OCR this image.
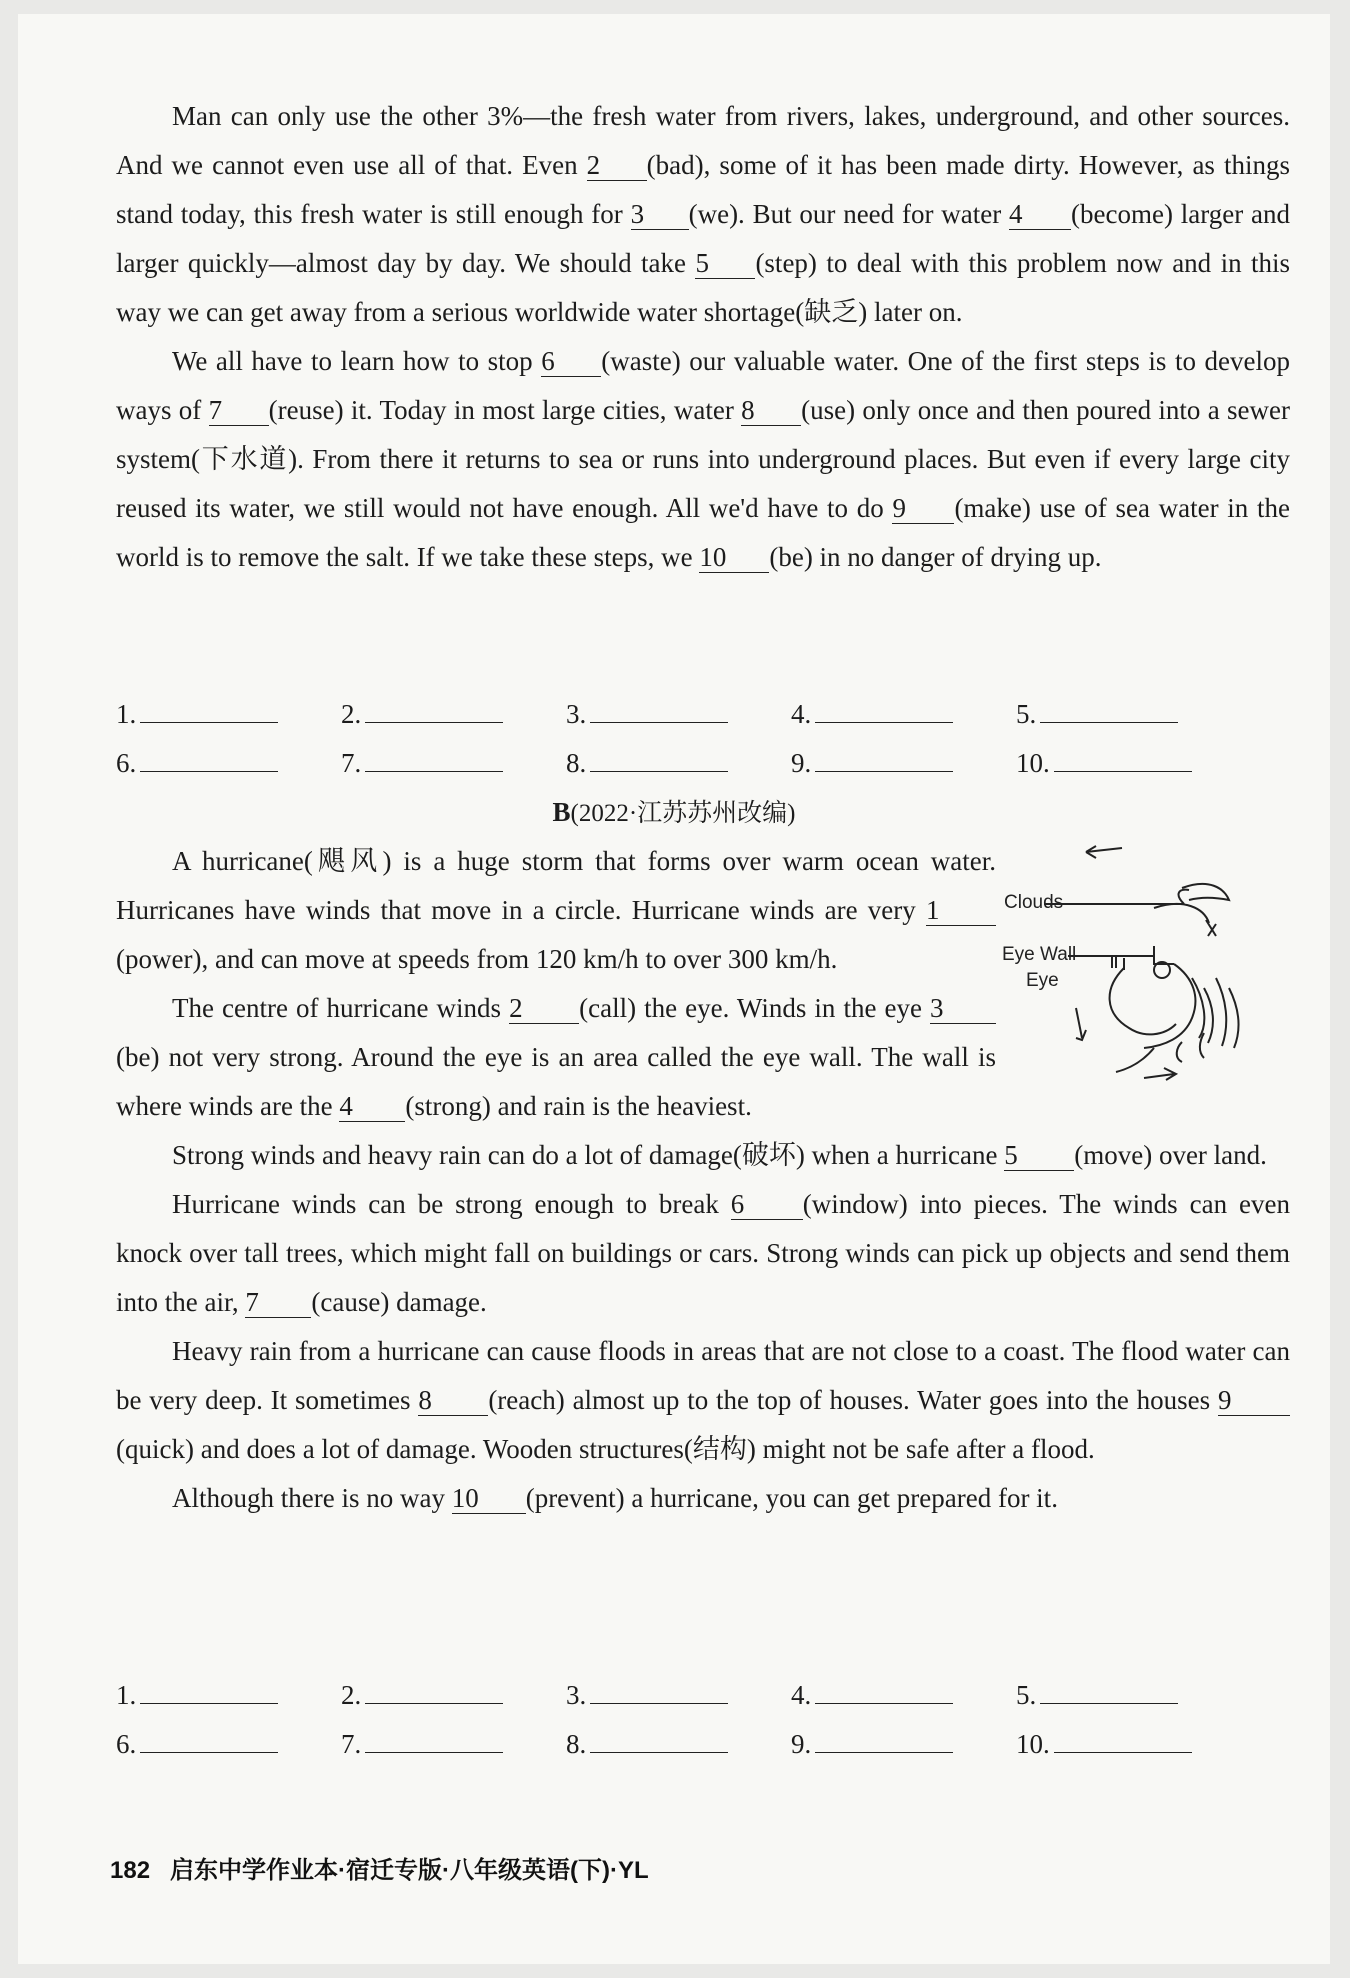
Man can only use the other 3%—the fresh water from rivers, lakes, underground, and other sources. And we cannot even use all of that. Even 2 (bad), some of it has been made dirty. However, as things stand today, this fresh water is still enough for 3 (we). But our need for water 4 (become) larger and larger quickly—almost day by day. We should take 5 (step) to deal with this problem now and in this way we can get away from a serious worldwide water shortage(缺乏) later on.

We all have to learn how to stop 6 (waste) our valuable water. One of the first steps is to develop ways of 7 (reuse) it. Today in most large cities, water 8 (use) only once and then poured into a sewer system(下水道). From there it returns to sea or runs into underground places. But even if every large city reused its water, we still would not have enough. All we'd have to do 9 (make) use of sea water in the world is to remove the salt. If we take these steps, we 10 (be) in no danger of drying up.

1.	2.	3.	4.	5.
6.	7.	8.	9.	10.
B(2022·江苏苏州改编)

A hurricane(飓风) is a huge storm that forms over warm ocean water. Hurricanes have winds that move in a circle. Hurricane winds are very 1(power), and can move at speeds from 120 km/h to over 300 km/h.

The centre of hurricane winds 2 (call) the eye. Winds in the eye 3(be) not very strong. Around the eye is an area called the eye wall. The wall is where winds are the 4 (strong) and rain is the heaviest.

Clouds
Eye Wall
Eye

Strong winds and heavy rain can do a lot of damage(破坏) when a hurricane 5 (move) over land.

Hurricane winds can be strong enough to break 6 (window) into pieces. The winds can even knock over tall trees, which might fall on buildings or cars. Strong winds can pick up objects and send them into the air, 7 (cause) damage.

Heavy rain from a hurricane can cause floods in areas that are not close to a coast. The flood water can be very deep. It sometimes 8 (reach) almost up to the top of houses. Water goes into the houses 9(quick) and does a lot of damage. Wooden structures(结构) might not be safe after a flood.

Although there is no way 10 (prevent) a hurricane, you can get prepared for it.

1.	2.	3.	4.	5.
6.	7.	8.	9.	10.
182 启东中学作业本·宿迁专版·八年级英语(下)·YL
